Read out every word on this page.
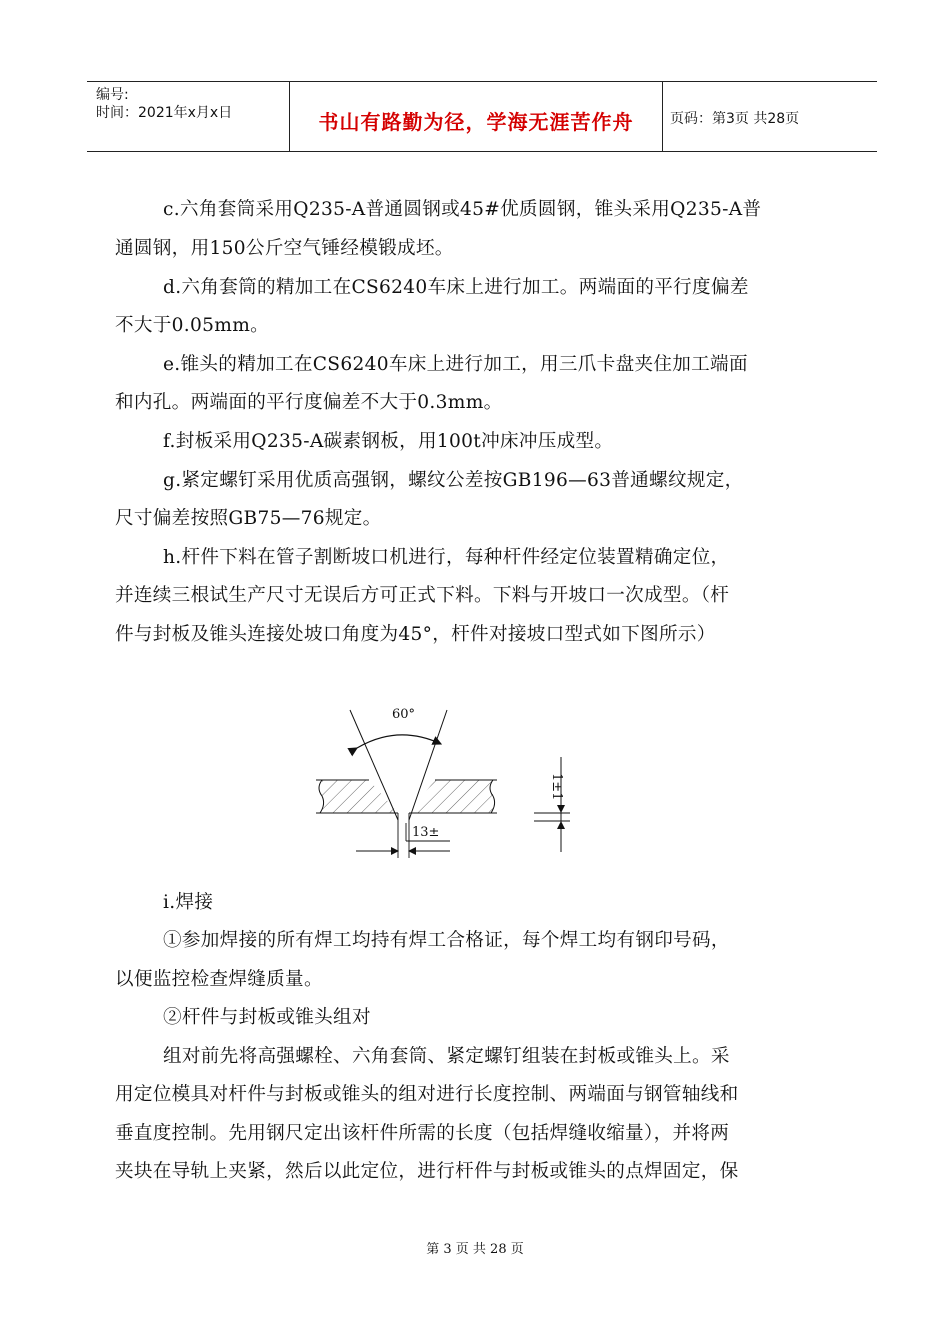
编号:
时间：2021年x月x日	书山有路勤为径，学海无涯苦作舟	页码：第3页 共28页
c.六角套筒采用Q235-A普通圆钢或45#优质圆钢，锥头采用Q235-A普
通圆钢，用150公斤空气锤经模锻成坯。
d.六角套筒的精加工在CS6240车床上进行加工。两端面的平行度偏差
不大于0.05mm。
e.锥头的精加工在CS6240车床上进行加工，用三爪卡盘夹住加工端面
和内孔。两端面的平行度偏差不大于0.3mm。
f.封板采用Q235-A碳素钢板，用100t冲床冲压成型。
g.紧定螺钉采用优质高强钢，螺纹公差按GB196—63普通螺纹规定，
尺寸偏差按照GB75—76规定。
h.杆件下料在管子割断坡口机进行，每种杆件经定位装置精确定位，
并连续三根试生产尺寸无误后方可正式下料。下料与开坡口一次成型。（杆
件与封板及锥头连接处坡口角度为45°，杆件对接坡口型式如下图所示）
60°
13±
1±1
i.焊接
①参加焊接的所有焊工均持有焊工合格证，每个焊工均有钢印号码，
以便监控检查焊缝质量。
②杆件与封板或锥头组对
组对前先将高强螺栓、六角套筒、紧定螺钉组装在封板或锥头上。采
用定位模具对杆件与封板或锥头的组对进行长度控制、两端面与钢管轴线和
垂直度控制。先用钢尺定出该杆件所需的长度（包括焊缝收缩量），并将两
夹块在导轨上夹紧，然后以此定位，进行杆件与封板或锥头的点焊固定，保
第 3 页 共 28 页
